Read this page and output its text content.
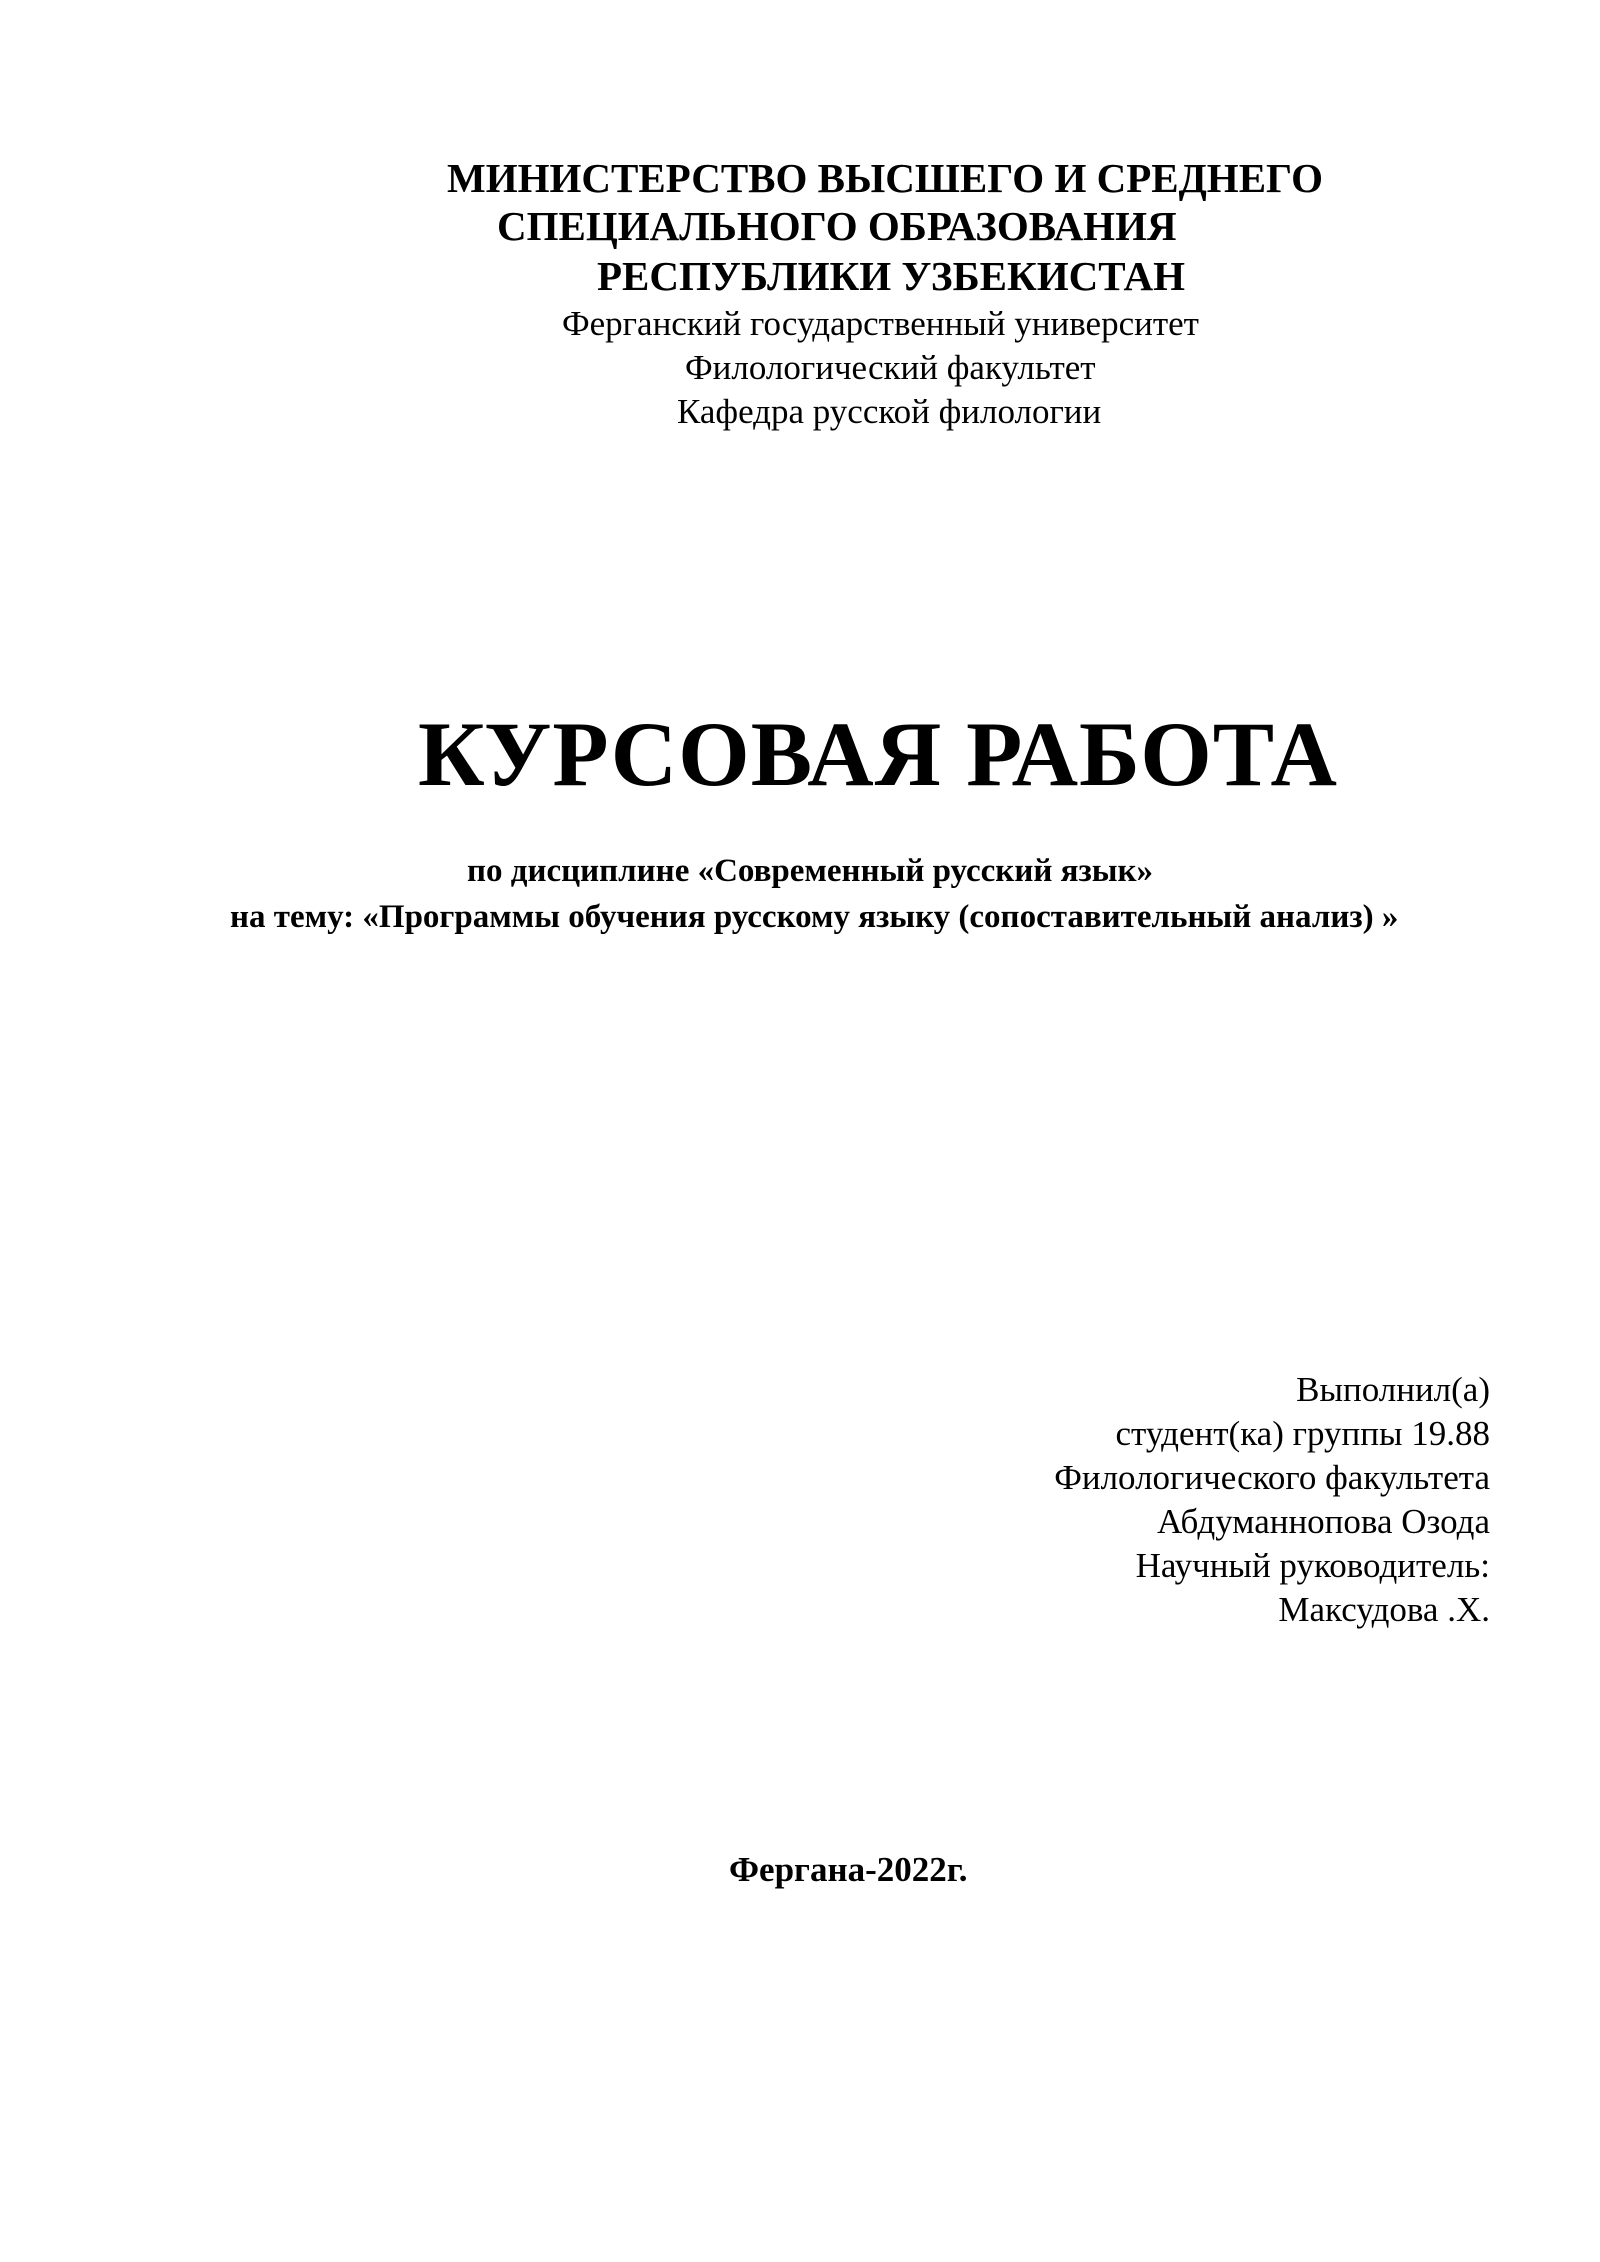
МИНИСТЕРСТВО ВЫСШЕГО И СРЕДНЕГО
СПЕЦИАЛЬНОГО ОБРАЗОВАНИЯ
РЕСПУБЛИКИ УЗБЕКИСТАН
Ферганский государственный университет
Филологический факультет
Кафедра русской филологии
КУРСОВАЯ РАБОТА
по дисциплине «Современный русский язык»
на тему: «Программы обучения русскому языку (сопоставительный анализ) »
Выполнил(а)
студент(ка) группы 19.88
Филологического факультета
Абдуманнопова Озода
Научный руководитель:
Максудова .Х.
Фергана-2022г.
